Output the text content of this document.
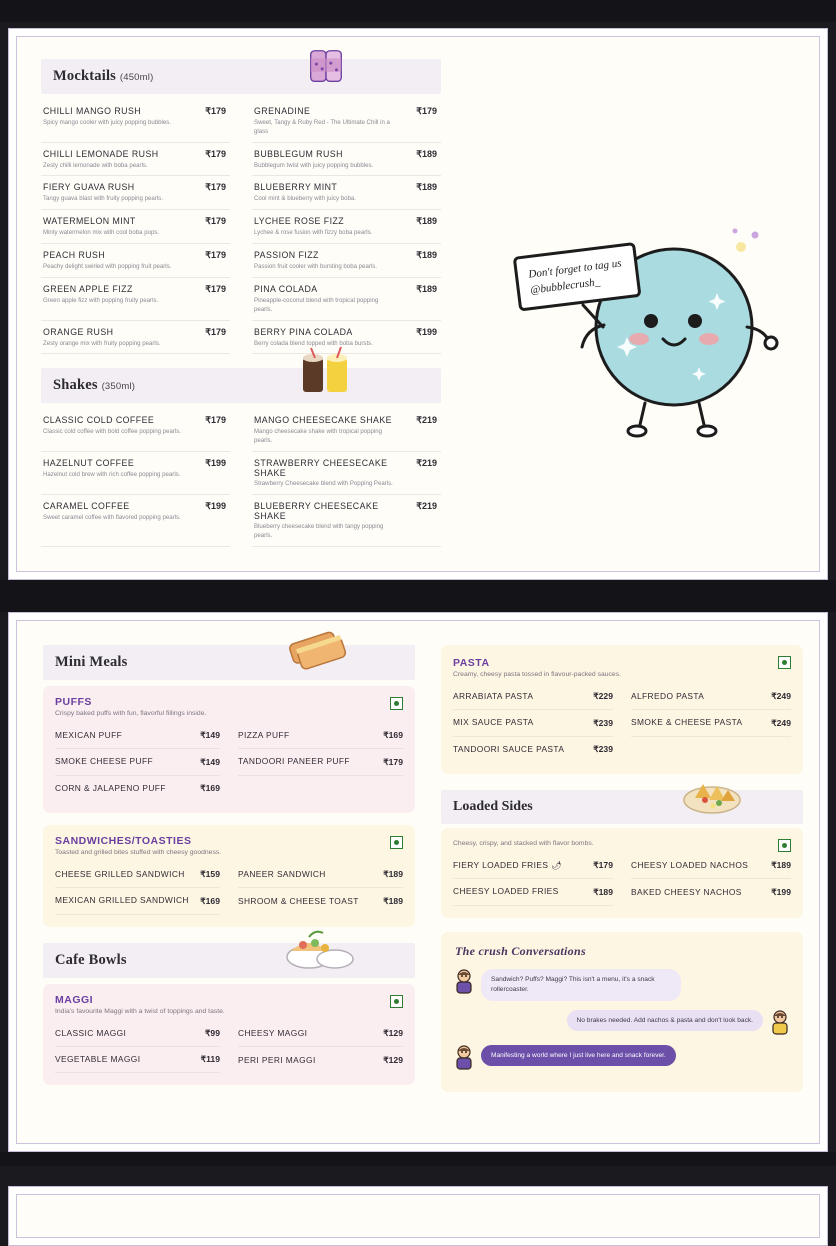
Mocktails (450ml)
CHILLI MANGO RUSH	₹179
Spicy mango cooler with juicy popping bubbles.
GRENADINE	₹179
Sweet, Tangy & Ruby Red - The Ultimate Chill in a glass
CHILLI LEMONADE RUSH	₹179
Zesty chilli lemonade with boba pearls.
BUBBLEGUM RUSH	₹189
Bubblegum twist with juicy popping bubbles.
FIERY GUAVA RUSH	₹179
Tangy guava blast with fruity popping pearls.
BLUEBERRY MINT	₹189
Cool mint & blueberry with juicy boba.
WATERMELON MINT	₹179
Minty watermelon mix with cool boba pops.
LYCHEE ROSE FIZZ	₹189
Lychee & rose fusion with fizzy boba pearls.
PEACH RUSH	₹179
Peachy delight swirled with popping fruit pearls.
PASSION FIZZ	₹189
Passion fruit cooler with bursting boba pearls.
GREEN APPLE FIZZ	₹179
Green apple fizz with popping fruity pearls.
PINA COLADA	₹189
Pineapple-coconut blend with tropical popping pearls.
ORANGE RUSH	₹179
Zesty orange mix with fruity popping pearls.
BERRY PINA COLADA	₹199
Berry colada blend topped with boba bursts.
Shakes (350ml)
CLASSIC COLD COFFEE	₹179
Classic cold coffee with bold coffee popping pearls.
MANGO CHEESECAKE SHAKE	₹219
Mango cheesecake shake with tropical popping pearls.
HAZELNUT COFFEE	₹199
Hazelnut cold brew with rich coffee popping pearls.
STRAWBERRY CHEESECAKE SHAKE
₹219
Strawberry Cheesecake blend with Popping Pearls.
CARAMEL COFFEE	₹199
Sweet caramel coffee with flavored popping pearls.
BLUEBERRY CHEESECAKE SHAKE
₹219
Blueberry cheesecake blend with tangy popping pearls.
Don't forget to tag us
@bubblecrush_
Mini Meals
PUFFS
Crispy baked puffs with fun, flavorful fillings inside.
MEXICAN PUFF	₹149 PIZZA PUFF	₹169
SMOKE CHEESE PUFF	₹149 TANDOORI PANEER PUFF	₹179
CORN & JALAPENO PUFF	₹169
SANDWICHES/TOASTIES
Toasted and grilled bites stuffed with cheesy goodness.
CHEESE GRILLED SANDWICH	₹159 PANEER SANDWICH	₹189
MEXICAN GRILLED SANDWICH	₹169 SHROOM & CHEESE TOAST	₹189
Cafe Bowls
MAGGI
India's favourite Maggi with a twist of toppings and taste.
CLASSIC MAGGI	₹99 CHEESY MAGGI	₹129
VEGETABLE MAGGI	₹119 PERI PERI MAGGI	₹129
PASTA
Creamy, cheesy pasta tossed in flavour-packed sauces.
ARRABIATA PASTA	₹229 ALFREDO PASTA	₹249
MIX SAUCE PASTA	₹239 SMOKE & CHEESE PASTA	₹249
TANDOORI SAUCE PASTA	₹239
Loaded Sides
Cheesy, crispy, and stacked with flavor bombs.
FIERY LOADED FRIES 🌶	₹179 CHEESY LOADED NACHOS	₹189
CHEESY LOADED FRIES	₹189 BAKED CHEESY NACHOS	₹199
The crush Conversations
Sandwich? Puffs? Maggi? This isn't a menu, it's a snack rollercoaster.
No brakes needed. Add nachos & pasta and don't look back.
Manifesting a world where I just live here and snack forever.
